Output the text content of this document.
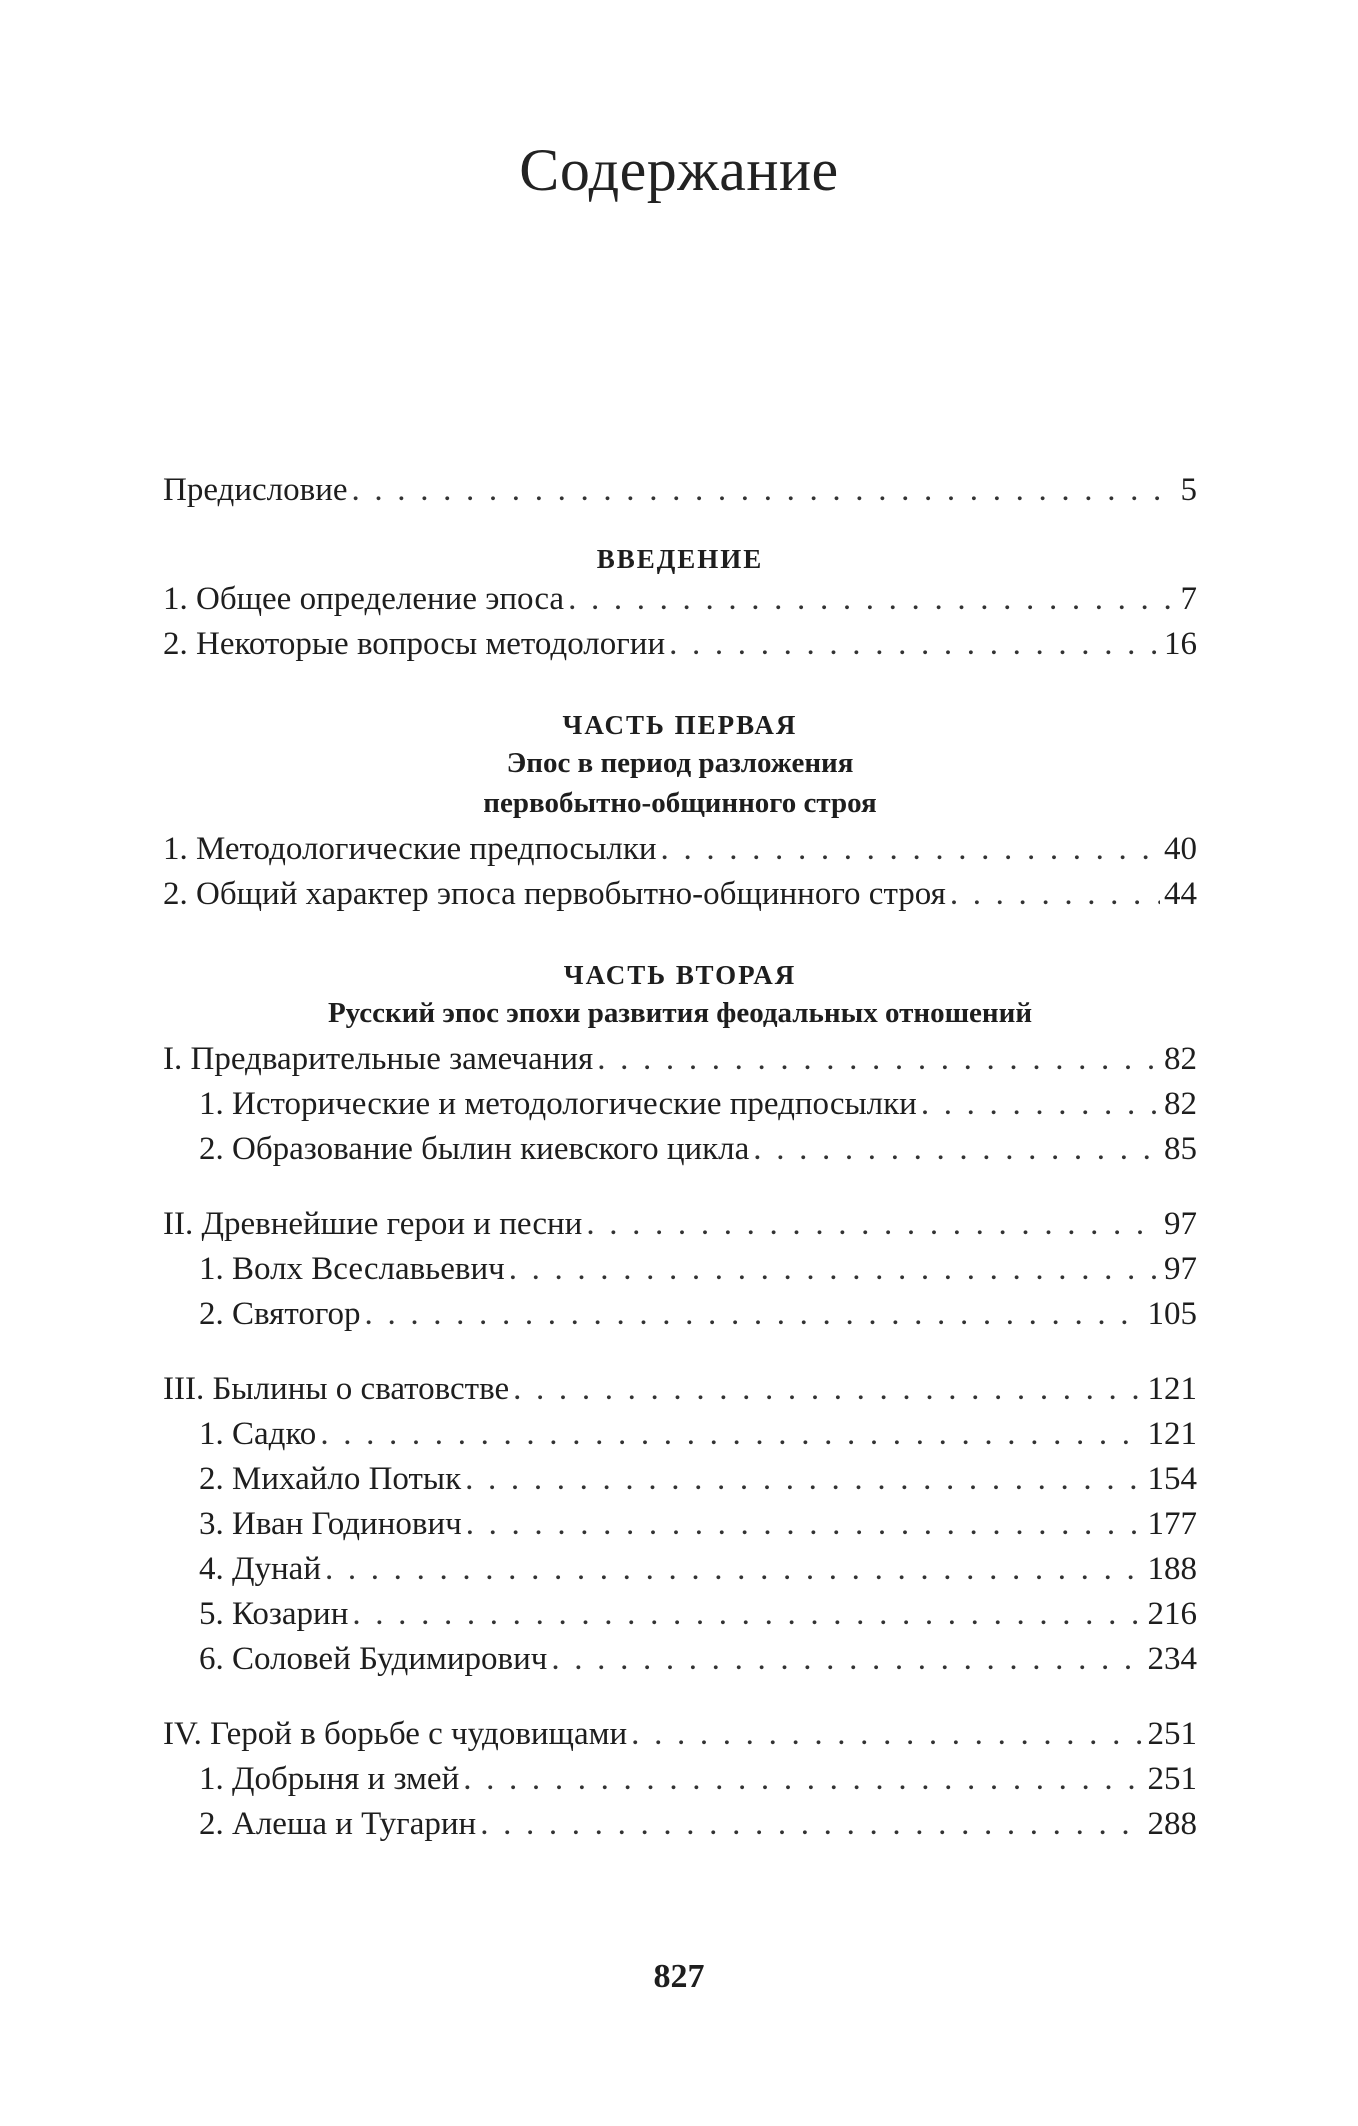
Содержание
Предисловие . . .	5
ВВЕДЕНИЕ
1. Общее определение эпоса . . .	7
2. Некоторые вопросы методологии . . .	16
ЧАСТЬ ПЕРВАЯ
Эпос в период разложения
первобытно-общинного строя
1. Методологические предпосылки . . .	40
2. Общий характер эпоса первобытно-общинного строя . . .	44
ЧАСТЬ ВТОРАЯ
Русский эпос эпохи развития феодальных отношений
I. Предварительные замечания . . .	82
1. Исторические и методологические предпосылки . . .	82
2. Образование былин киевского цикла . . .	85
II. Древнейшие герои и песни . . .	97
1. Волх Всеславьевич . . .	97
2. Святогор . . .	105
III. Былины о сватовстве . . .	121
1. Садко . . .	121
2. Михайло Потык . . .	154
3. Иван Годинович . . .	177
4. Дунай . . .	188
5. Козарин . . .	216
6. Соловей Будимирович . . .	234
IV. Герой в борьбе с чудовищами . . .	251
1. Добрыня и змей . . .	251
2. Алеша и Тугарин . . .	288
827
